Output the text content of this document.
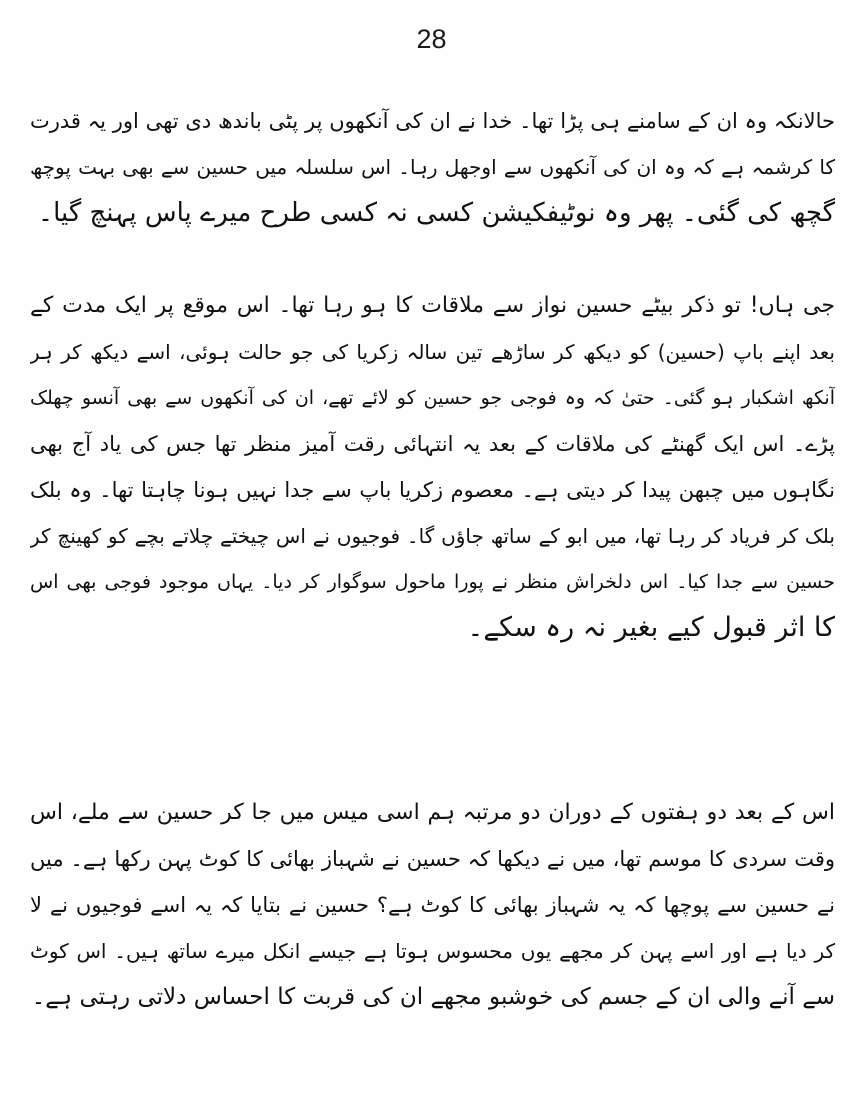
28
حالانکہ وہ ان کے سامنے ہی پڑا تھا۔ خدا نے ان کی آنکھوں پر پٹی باندھ دی تھی اور یہ قدرت
کا کرشمہ ہے کہ وہ ان کی آنکھوں سے اوجھل رہا۔ اس سلسلہ میں حسین سے بھی بہت پوچھ
گچھ کی گئی۔ پھر وہ نوٹیفکیشن کسی نہ کسی طرح میرے پاس پہنچ گیا۔
جی ہاں! تو ذکر بیٹے حسین نواز سے ملاقات کا ہو رہا تھا۔ اس موقع پر ایک مدت کے
بعد اپنے باپ (حسین) کو دیکھ کر ساڑھے تین سالہ زکریا کی جو حالت ہوئی، اسے دیکھ کر ہر
آنکھ اشکبار ہو گئی۔ حتیٰ کہ وہ فوجی جو حسین کو لائے تھے، ان کی آنکھوں سے بھی آنسو چھلک
پڑے۔ اس ایک گھنٹے کی ملاقات کے بعد یہ انتہائی رقت آمیز منظر تھا جس کی یاد آج بھی
نگاہوں میں چبھن پیدا کر دیتی ہے۔ معصوم زکریا باپ سے جدا نہیں ہونا چاہتا تھا۔ وہ بلک
بلک کر فریاد کر رہا تھا، میں ابو کے ساتھ جاؤں گا۔ فوجیوں نے اس چیختے چلاتے بچے کو کھینچ کر
حسین سے جدا کیا۔ اس دلخراش منظر نے پورا ماحول سوگوار کر دیا۔ یہاں موجود فوجی بھی اس
کا اثر قبول کیے بغیر نہ رہ سکے۔
اس کے بعد دو ہفتوں کے دوران دو مرتبہ ہم اسی میس میں جا کر حسین سے ملے، اس
وقت سردی کا موسم تھا، میں نے دیکھا کہ حسین نے شہباز بھائی کا کوٹ پہن رکھا ہے۔ میں
نے حسین سے پوچھا کہ یہ شہباز بھائی کا کوٹ ہے؟ حسین نے بتایا کہ یہ اسے فوجیوں نے لا
کر دیا ہے اور اسے پہن کر مجھے یوں محسوس ہوتا ہے جیسے انکل میرے ساتھ ہیں۔ اس کوٹ
سے آنے والی ان کے جسم کی خوشبو مجھے ان کی قربت کا احساس دلاتی رہتی ہے۔
